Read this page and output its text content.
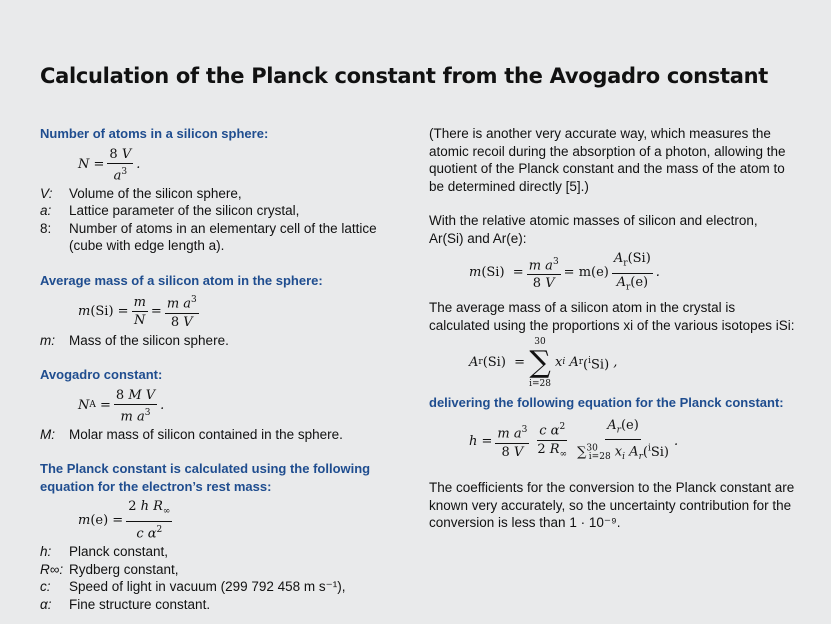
Calculation of the Planck constant from the Avogadro constant
Number of atoms in a silicon sphere:
$N = \frac{8 V}{a^3}$ .
V:	Volume of the silicon sphere,
a:	Lattice parameter of the silicon crystal,
8:	Number of atoms in an elementary cell of the lattice (cube with edge length a).
Average mass of a silicon atom in the sphere:
m $(Si) = \frac{m}{N} = \frac{m a^3}{8 V}$
m:	Mass of the silicon sphere.
Avogadro constant:
N $A = \frac{\text{8 M V}}{m a^3}$ .
M:	Molar mass of silicon contained in the sphere.
The Planck constant is calculated using the following equation for the electron’s rest mass:
m $(e) = \frac{2 h R_\infty}{c \alpha^2}$
h:	Planck constant,
R∞: Rydberg constant,
c:	Speed of light in vacuum (299 792 458 m s⁻¹),
α:	Fine structure constant.

(There is another very accurate way, which measures the atomic recoil during the absorption of a photon, allowing the quotient of the Planck constant and the mass of the atom to be determined directly [5].)

With the relative atomic masses of silicon and electron,

Ar(Si) and Ar(e):

m $(Si) = \frac{m a^3}{8 V} = m(e) \frac{A_r(Si)}{A_r(e)}$ .

The average mass of a silicon atom in the crystal is calculated using the proportions xi of the various isotopes iSi:

A r (Si) =
30
∑
i=28
x i A r ($^i$Si) ,
delivering the following equation for the Planck constant:
$h = \frac{m a^3}{8 V} \frac{c \alpha^2}{2 R_\infty} \frac{A_r(e)}{\sum^{30}_{i=28} x_i A_r(^iSi)}$ .

The coefficients for the conversion to the Planck constant are known very accurately, so the uncertainty contribution for the conversion is less than 1 · 10⁻⁹.
